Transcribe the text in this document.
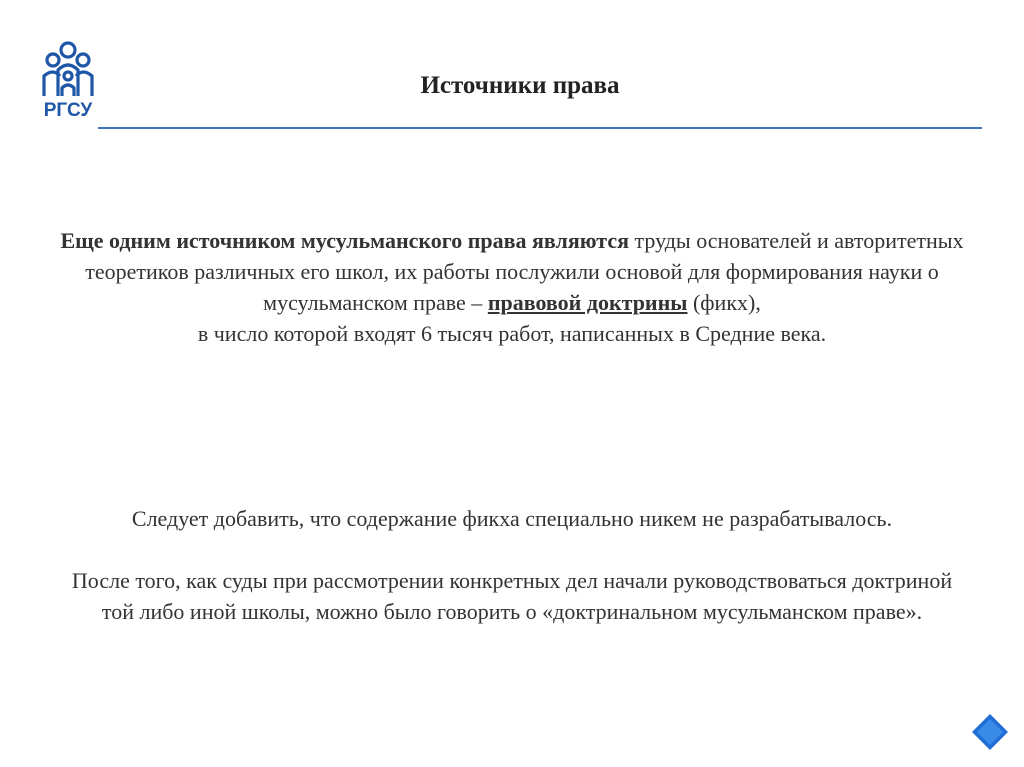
РГСУ
Источники права
Еще одним источником мусульманского права являются труды основателей и авторитетных теоретиков различных его школ, их работы послужили основой для формирования науки о мусульманском праве – правовой доктрины (фикх),
в число которой входят 6 тысяч работ, написанных в Средние века.
Следует добавить, что содержание фикха специально никем не разрабатывалось.
После того, как суды при рассмотрении конкретных дел начали руководствоваться доктриной той либо иной школы, можно было говорить о «доктринальном мусульманском праве».
